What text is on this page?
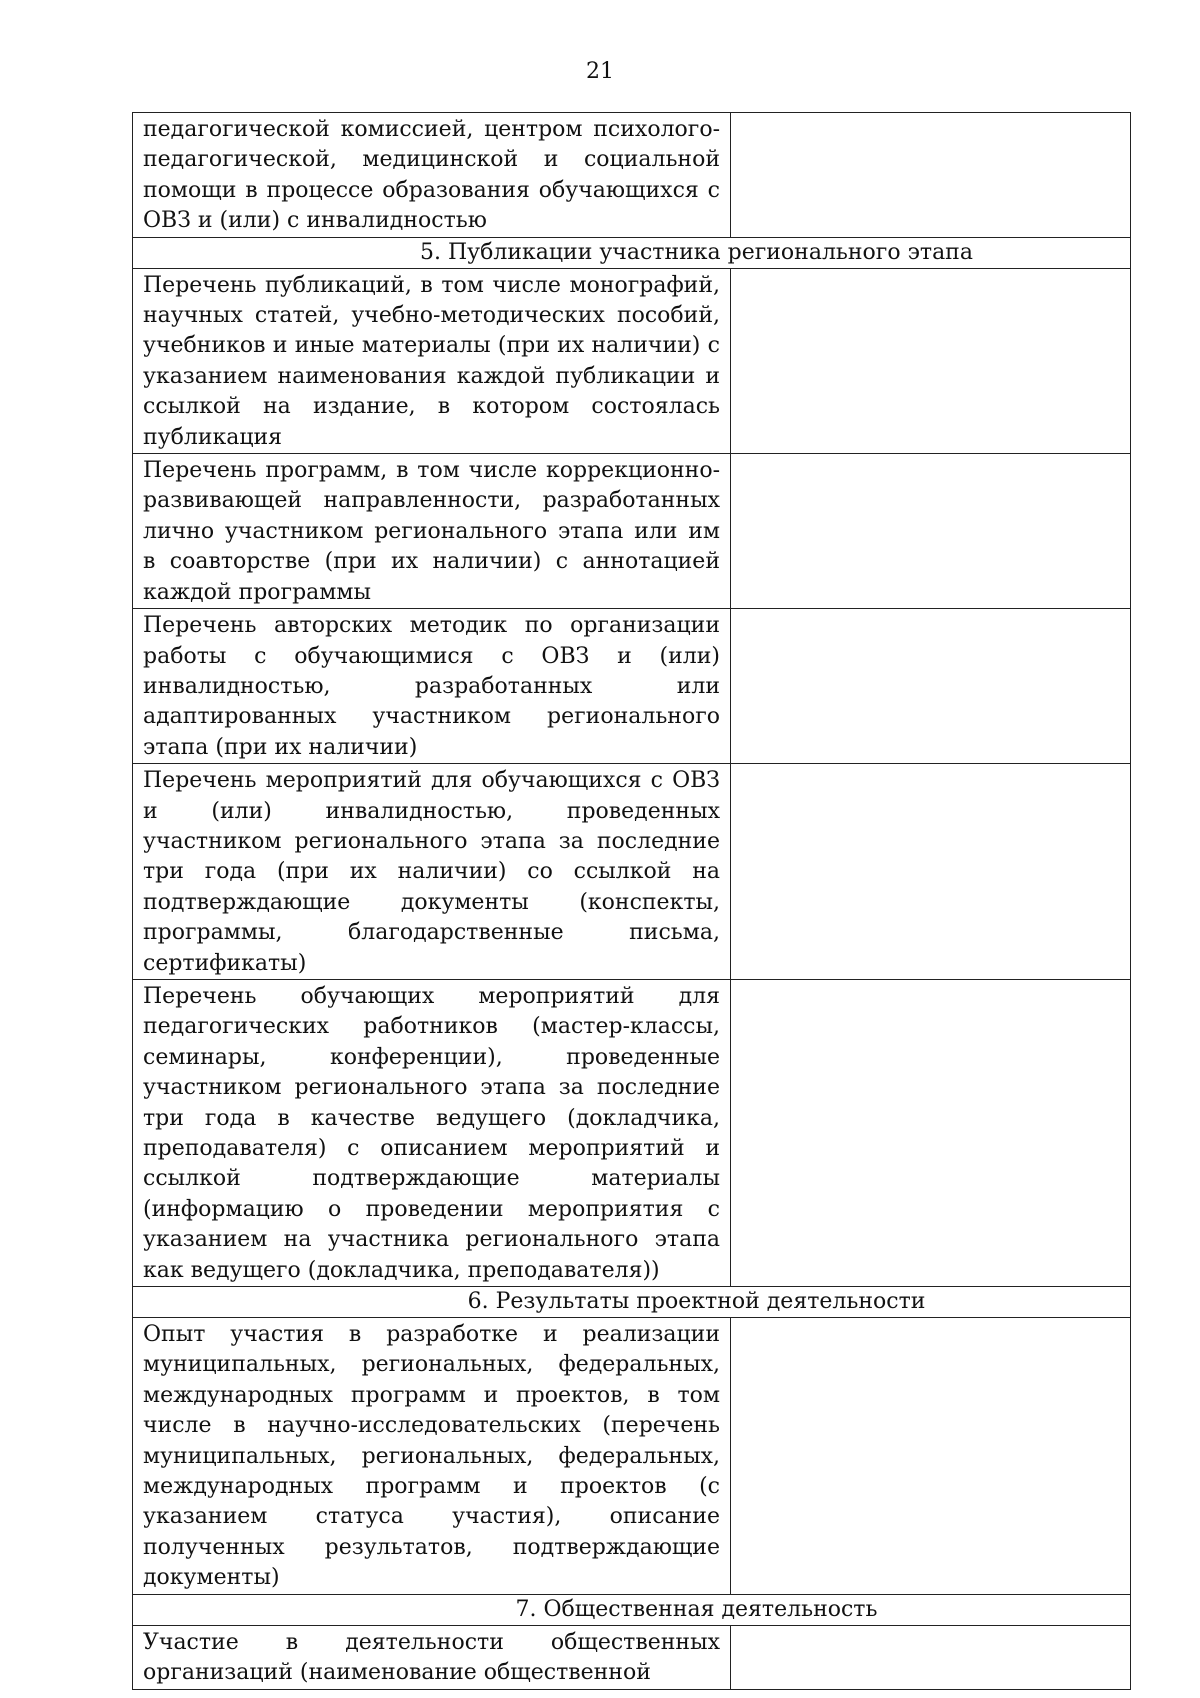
21
педагогической комиссией, центром психолого-педагогической, медицинской и социальной помощи в процессе образования обучающихся с ОВЗ и (или) с инвалидностью	

5. Публикации участника регионального этапа	

Перечень публикаций, в том числе монографий, научных статей, учебно-методических пособий, учебников и иные материалы (при их наличии) с указанием наименования каждой публикации и ссылкой на издание, в котором состоялась публикация	
Перечень программ, в том числе коррекционно-развивающей направленности, разработанных лично участником регионального этапа или им в соавторстве (при их наличии) с аннотацией каждой программы	
Перечень авторских методик по организации работы с обучающимися с ОВЗ и (или) инвалидностью, разработанных или адаптированных участником регионального этапа (при их наличии)	
Перечень мероприятий для обучающихся с ОВЗ и (или) инвалидностью, проведенных участником регионального этапа за последние три года (при их наличии) со ссылкой на подтверждающие документы (конспекты, программы, благодарственные письма, сертификаты)	
Перечень обучающих мероприятий для педагогических работников (мастер-классы, семинары, конференции), проведенные участником регионального этапа за последние три года в качестве ведущего (докладчика, преподавателя) с описанием мероприятий и ссылкой подтверждающие материалы (информацию о проведении мероприятия с указанием на участника регионального этапа как ведущего (докладчика, преподавателя))	

6. Результаты проектной деятельности	

Опыт участия в разработке и реализации муниципальных, региональных, федеральных, международных программ и проектов, в том числе в научно-исследовательских (перечень муниципальных, региональных, федеральных, международных программ и проектов (с указанием статуса участия), описание полученных результатов, подтверждающие документы)	

7. Общественная деятельность	

Участие в деятельности общественных организаций (наименование общественной	
